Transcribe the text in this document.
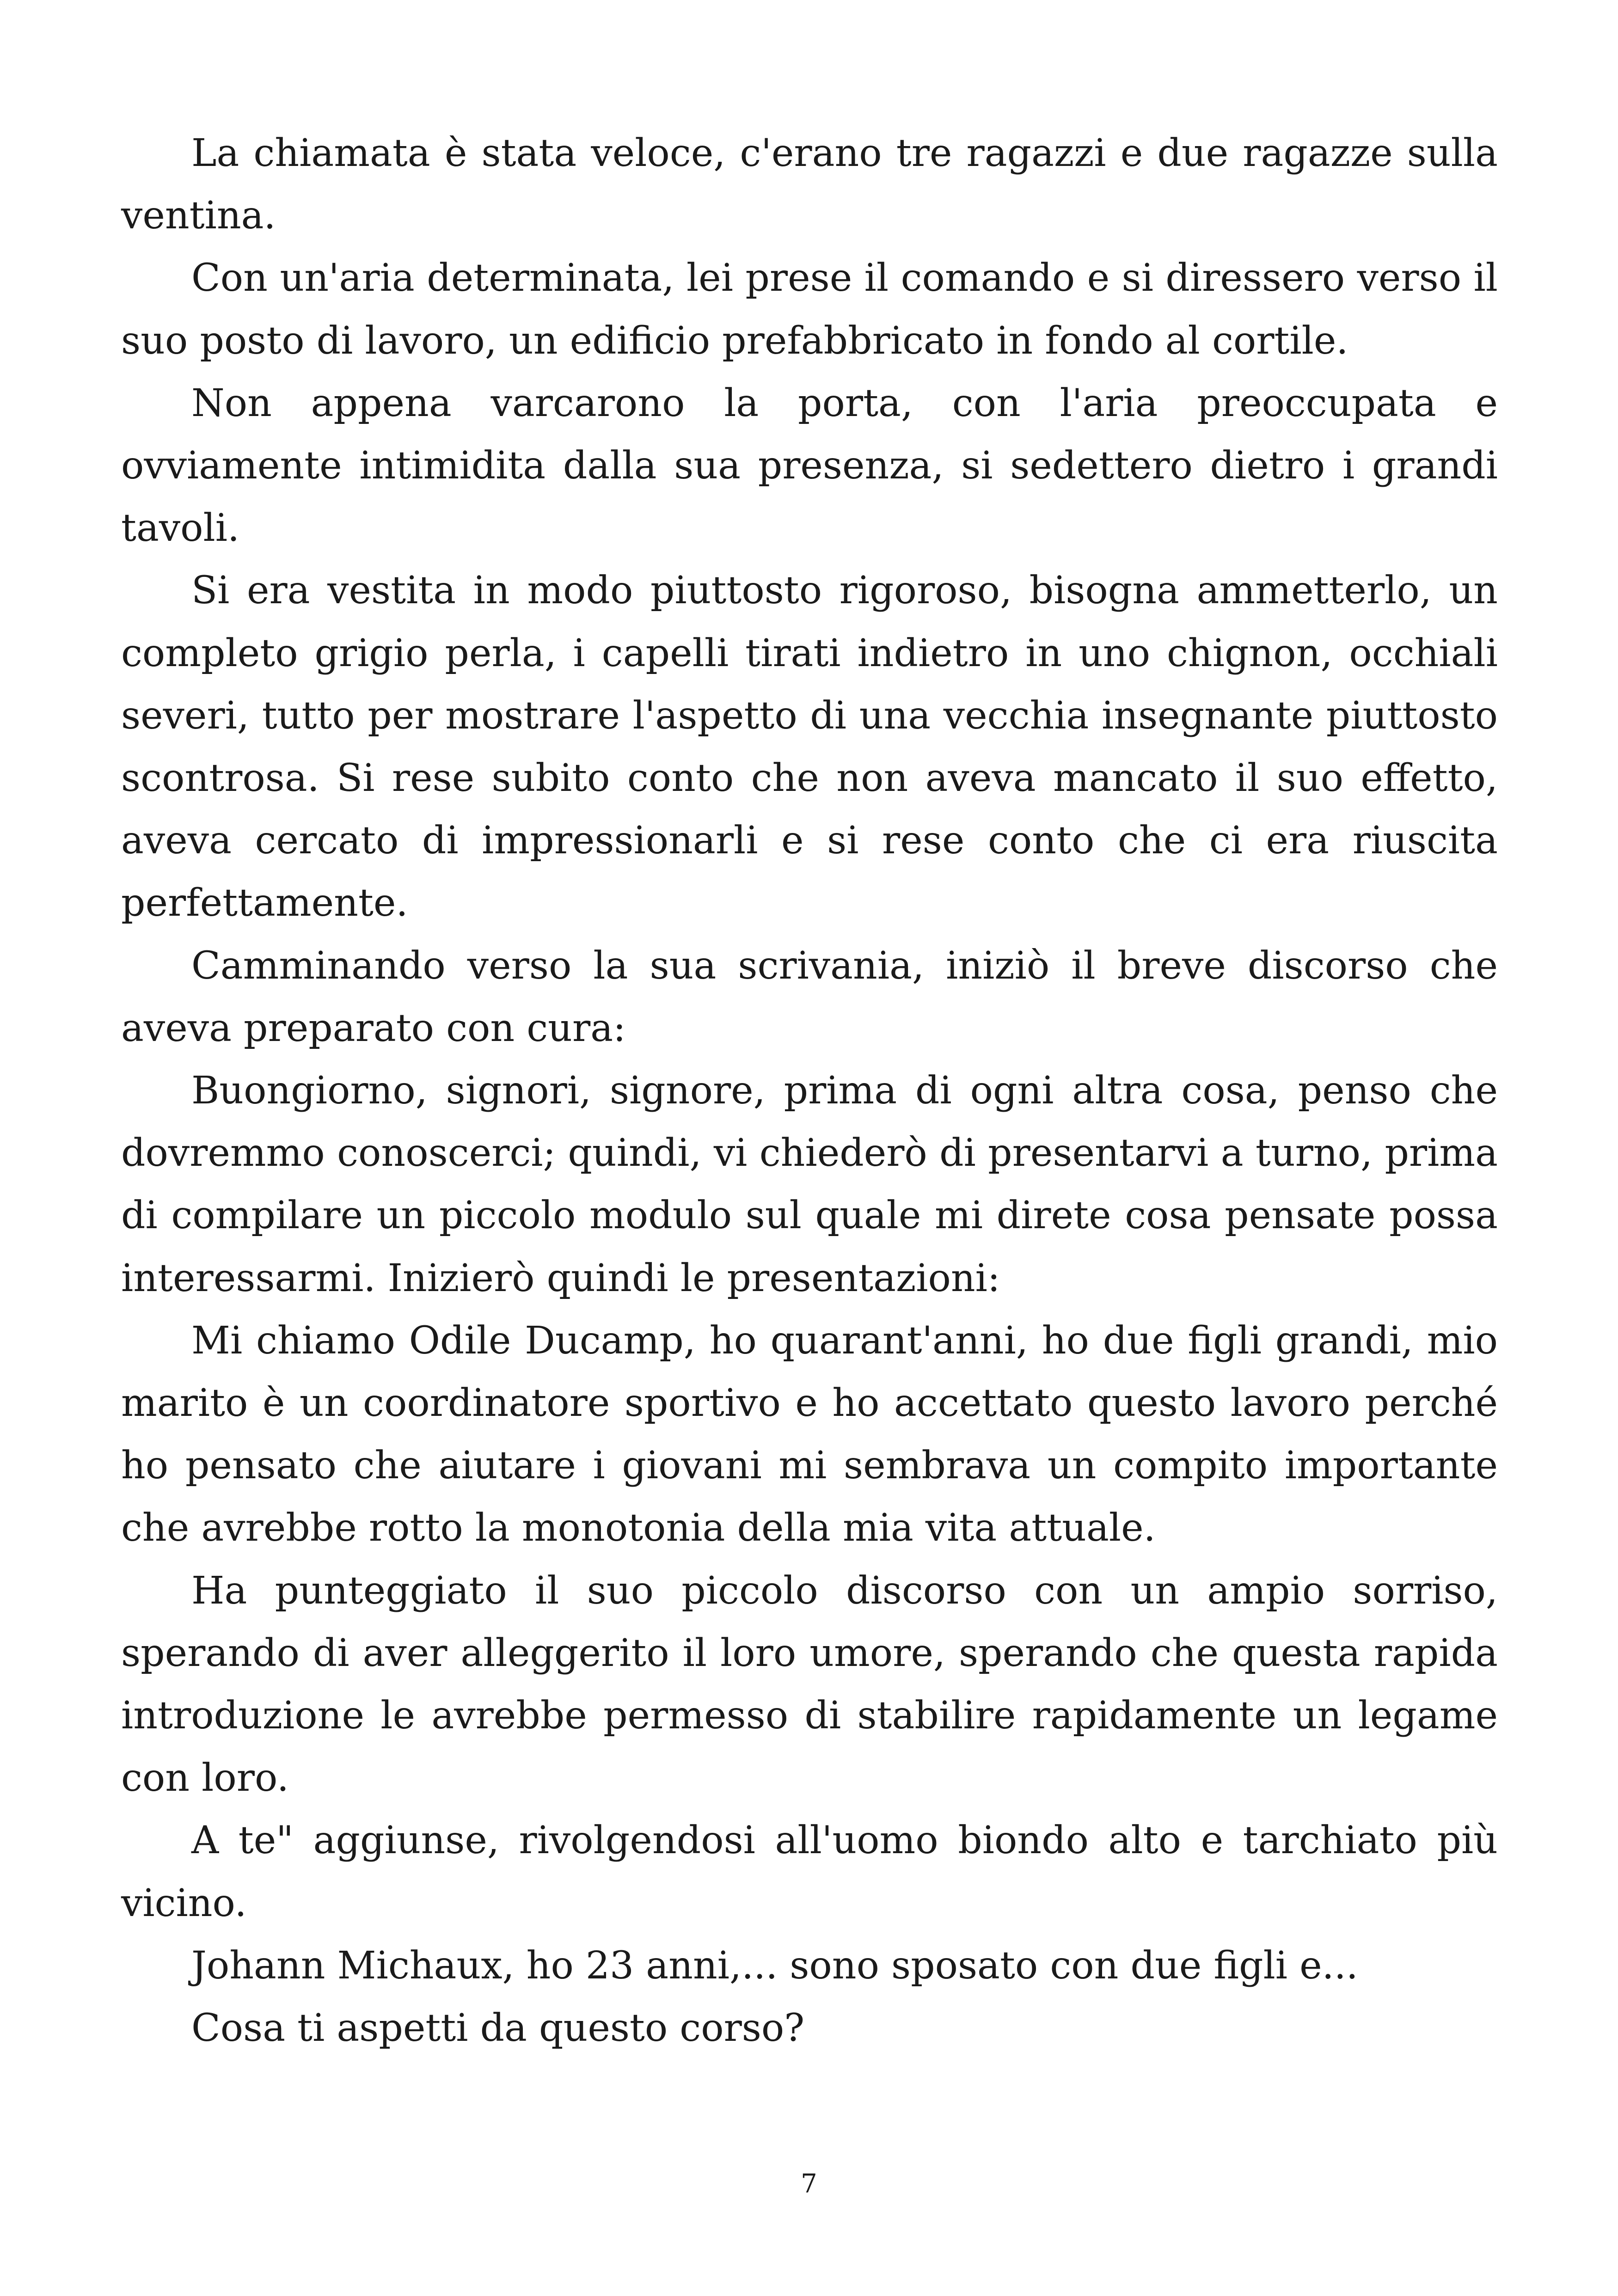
La chiamata è stata veloce, c'erano tre ragazzi e due ragazze sulla ventina.

Con un'aria determinata, lei prese il comando e si diressero verso il suo posto di lavoro, un edificio prefabbricato in fondo al cortile.

Non appena varcarono la porta, con l'aria preoccupata e ovviamente intimidita dalla sua presenza, si sedettero dietro i grandi tavoli.

Si era vestita in modo piuttosto rigoroso, bisogna ammetterlo, un completo grigio perla, i capelli tirati indietro in uno chignon, occhiali severi, tutto per mostrare l'aspetto di una vecchia insegnante piuttosto scontrosa. Si rese subito conto che non aveva mancato il suo effetto, aveva cercato di impressionarli e si rese conto che ci era riuscita perfettamente.

Camminando verso la sua scrivania, iniziò il breve discorso che aveva preparato con cura:

Buongiorno, signori, signore, prima di ogni altra cosa, penso che dovremmo conoscerci; quindi, vi chiederò di presentarvi a turno, prima di compilare un piccolo modulo sul quale mi direte cosa pensate possa interessarmi. Inizierò quindi le presentazioni:

Mi chiamo Odile Ducamp, ho quarant'anni, ho due figli grandi, mio marito è un coordinatore sportivo e ho accettato questo lavoro perché ho pensato che aiutare i giovani mi sembrava un compito importante che avrebbe rotto la monotonia della mia vita attuale.

Ha punteggiato il suo piccolo discorso con un ampio sorriso, sperando di aver alleggerito il loro umore, sperando che questa rapida introduzione le avrebbe permesso di stabilire rapidamente un legame con loro.

A te" aggiunse, rivolgendosi all'uomo biondo alto e tarchiato più vicino.

Johann Michaux, ho 23 anni,... sono sposato con due figli e...

Cosa ti aspetti da questo corso?

7
